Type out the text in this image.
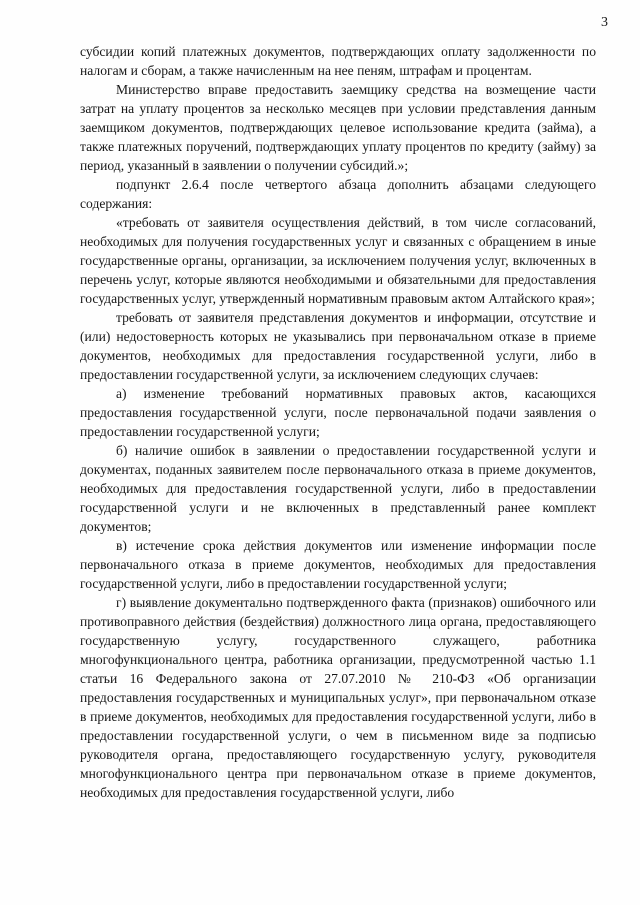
3

субсидии копий платежных документов, подтверждающих оплату задолженности по налогам и сборам, а также начисленным на нее пеням, штрафам и процентам.

Министерство вправе предоставить заемщику средства на возмещение части затрат на уплату процентов за несколько месяцев при условии представления данным заемщиком документов, подтверждающих целевое использование кредита (займа), а также платежных поручений, подтверждающих уплату процентов по кредиту (займу) за период, указанный в заявлении о получении субсидий.»;

подпункт 2.6.4 после четвертого абзаца дополнить абзацами следующего содержания:

«требовать от заявителя осуществления действий, в том числе согласований, необходимых для получения государственных услуг и связанных с обращением в иные государственные органы, организации, за исключением получения услуг, включенных в перечень услуг, которые являются необходимыми и обязательными для предоставления государственных услуг, утвержденный нормативным правовым актом Алтайского края»;

требовать от заявителя представления документов и информации, отсутствие и (или) недостоверность которых не указывались при первоначальном отказе в приеме документов, необходимых для предоставления государственной услуги, либо в предоставлении государственной услуги, за исключением следующих случаев:

а) изменение требований нормативных правовых актов, касающихся предоставления государственной услуги, после первоначальной подачи заявления о предоставлении государственной услуги;

б) наличие ошибок в заявлении о предоставлении государственной услуги и документах, поданных заявителем после первоначального отказа в приеме документов, необходимых для предоставления государственной услуги, либо в предоставлении государственной услуги и не включенных в представленный ранее комплект документов;

в) истечение срока действия документов или изменение информации после первоначального отказа в приеме документов, необходимых для предоставления государственной услуги, либо в предоставлении государственной услуги;

г) выявление документально подтвержденного факта (признаков) ошибочного или противоправного действия (бездействия) должностного лица органа, предоставляющего государственную услугу, государственного служащего, работника многофункционального центра, работника организации, предусмотренной частью 1.1 статьи 16 Федерального закона от 27.07.2010 № 210-ФЗ «Об организации предоставления государственных и муниципальных услуг», при первоначальном отказе в приеме документов, необходимых для предоставления государственной услуги, либо в предоставлении государственной услуги, о чем в письменном виде за подписью руководителя органа, предоставляющего государственную услугу, руководителя многофункционального центра при первоначальном отказе в приеме документов, необходимых для предоставления государственной услуги, либо
